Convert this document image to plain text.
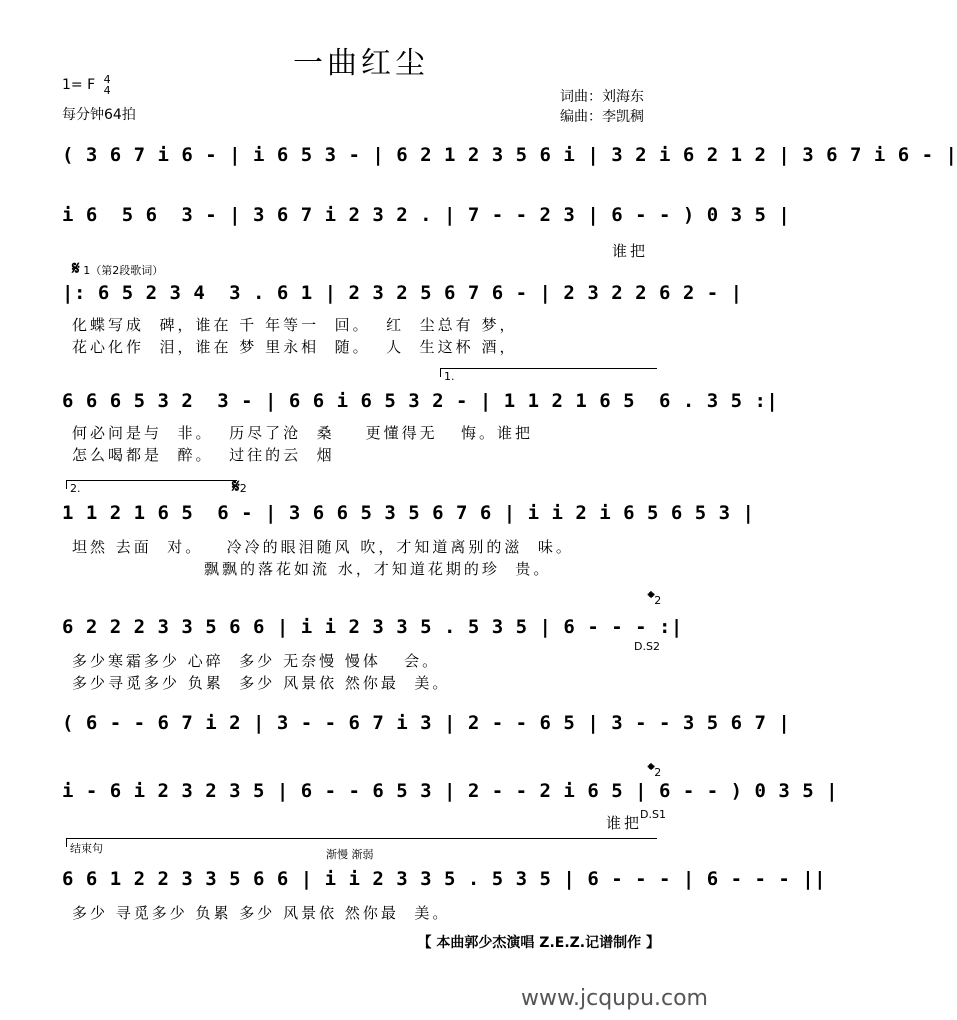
一曲红尘
1= F 4
4
每分钟64拍
词曲：刘海东
编曲：李凯稠
( 3 6 7 i 6 - | i 6 5 3 - | 6 2 1 2 3 5 6 i | 3 2 i 6 2 1 2 | 3 6 7 i 6 - |
i 6  5 6  3 - | 3 6 7 i 2 3 2 . | 7 - - 2 3 | 6 - - ) 0 3 5 |
谁把
𝄋 1（第2段歌词）
|: 6 5 2 3 4  3 . 6 1 | 2 3 2 5 6 7 6 - | 2 3 2 2 6 2 - |
化蝶写成  碑，谁在 千 年等一  回。  红  尘总有 梦，
花心化作  泪，谁在 梦 里永相  随。  人  生这杯 酒，
1.
6 6 6 5 3 2  3 - | 6 6 i 6 5 3 2 - | 1 1 2 1 6 5  6 . 3 5 :|
何必问是与  非。  历尽了沧  桑    更懂得无   悔。谁把
怎么喝都是  醉。  过往的云  烟
2.	𝄋2
1 1 2 1 6 5  6 - | 3 6 6 5 3 5 6 7 6 | i i 2 i 6 5 6 5 3 |
坦然 去面  对。   冷冷的眼泪随风 吹，才知道离别的滋  味。
飘飘的落花如流 水，才知道花期的珍  贵。
𝄌2
6 2 2 2 3 3 5 6 6 | i i 2 3 3 5 . 5 3 5 | 6 - - - :|
D.S2
多少寒霜多少 心碎  多少 无奈慢 慢体   会。
多少寻觅多少 负累  多少 风景依 然你最  美。
( 6 - - 6 7 i 2 | 3 - - 6 7 i 3 | 2 - - 6 5 | 3 - - 3 5 6 7 |
𝄌2
i - 6 i 2 3 2 3 5 | 6 - - 6 5 3 | 2 - - 2 i 6 5 | 6 - - ) 0 3 5 |
谁把
D.S1
结束句	渐慢 渐弱
6 6 1 2 2 3 3 5 6 6 | i i 2 3 3 5 . 5 3 5 | 6 - - - | 6 - - - ||
多少 寻觅多少 负累 多少 风景依 然你最  美。
【 本曲郭少杰演唱 Z.E.Z.记谱制作 】
www.jcqupu.com
